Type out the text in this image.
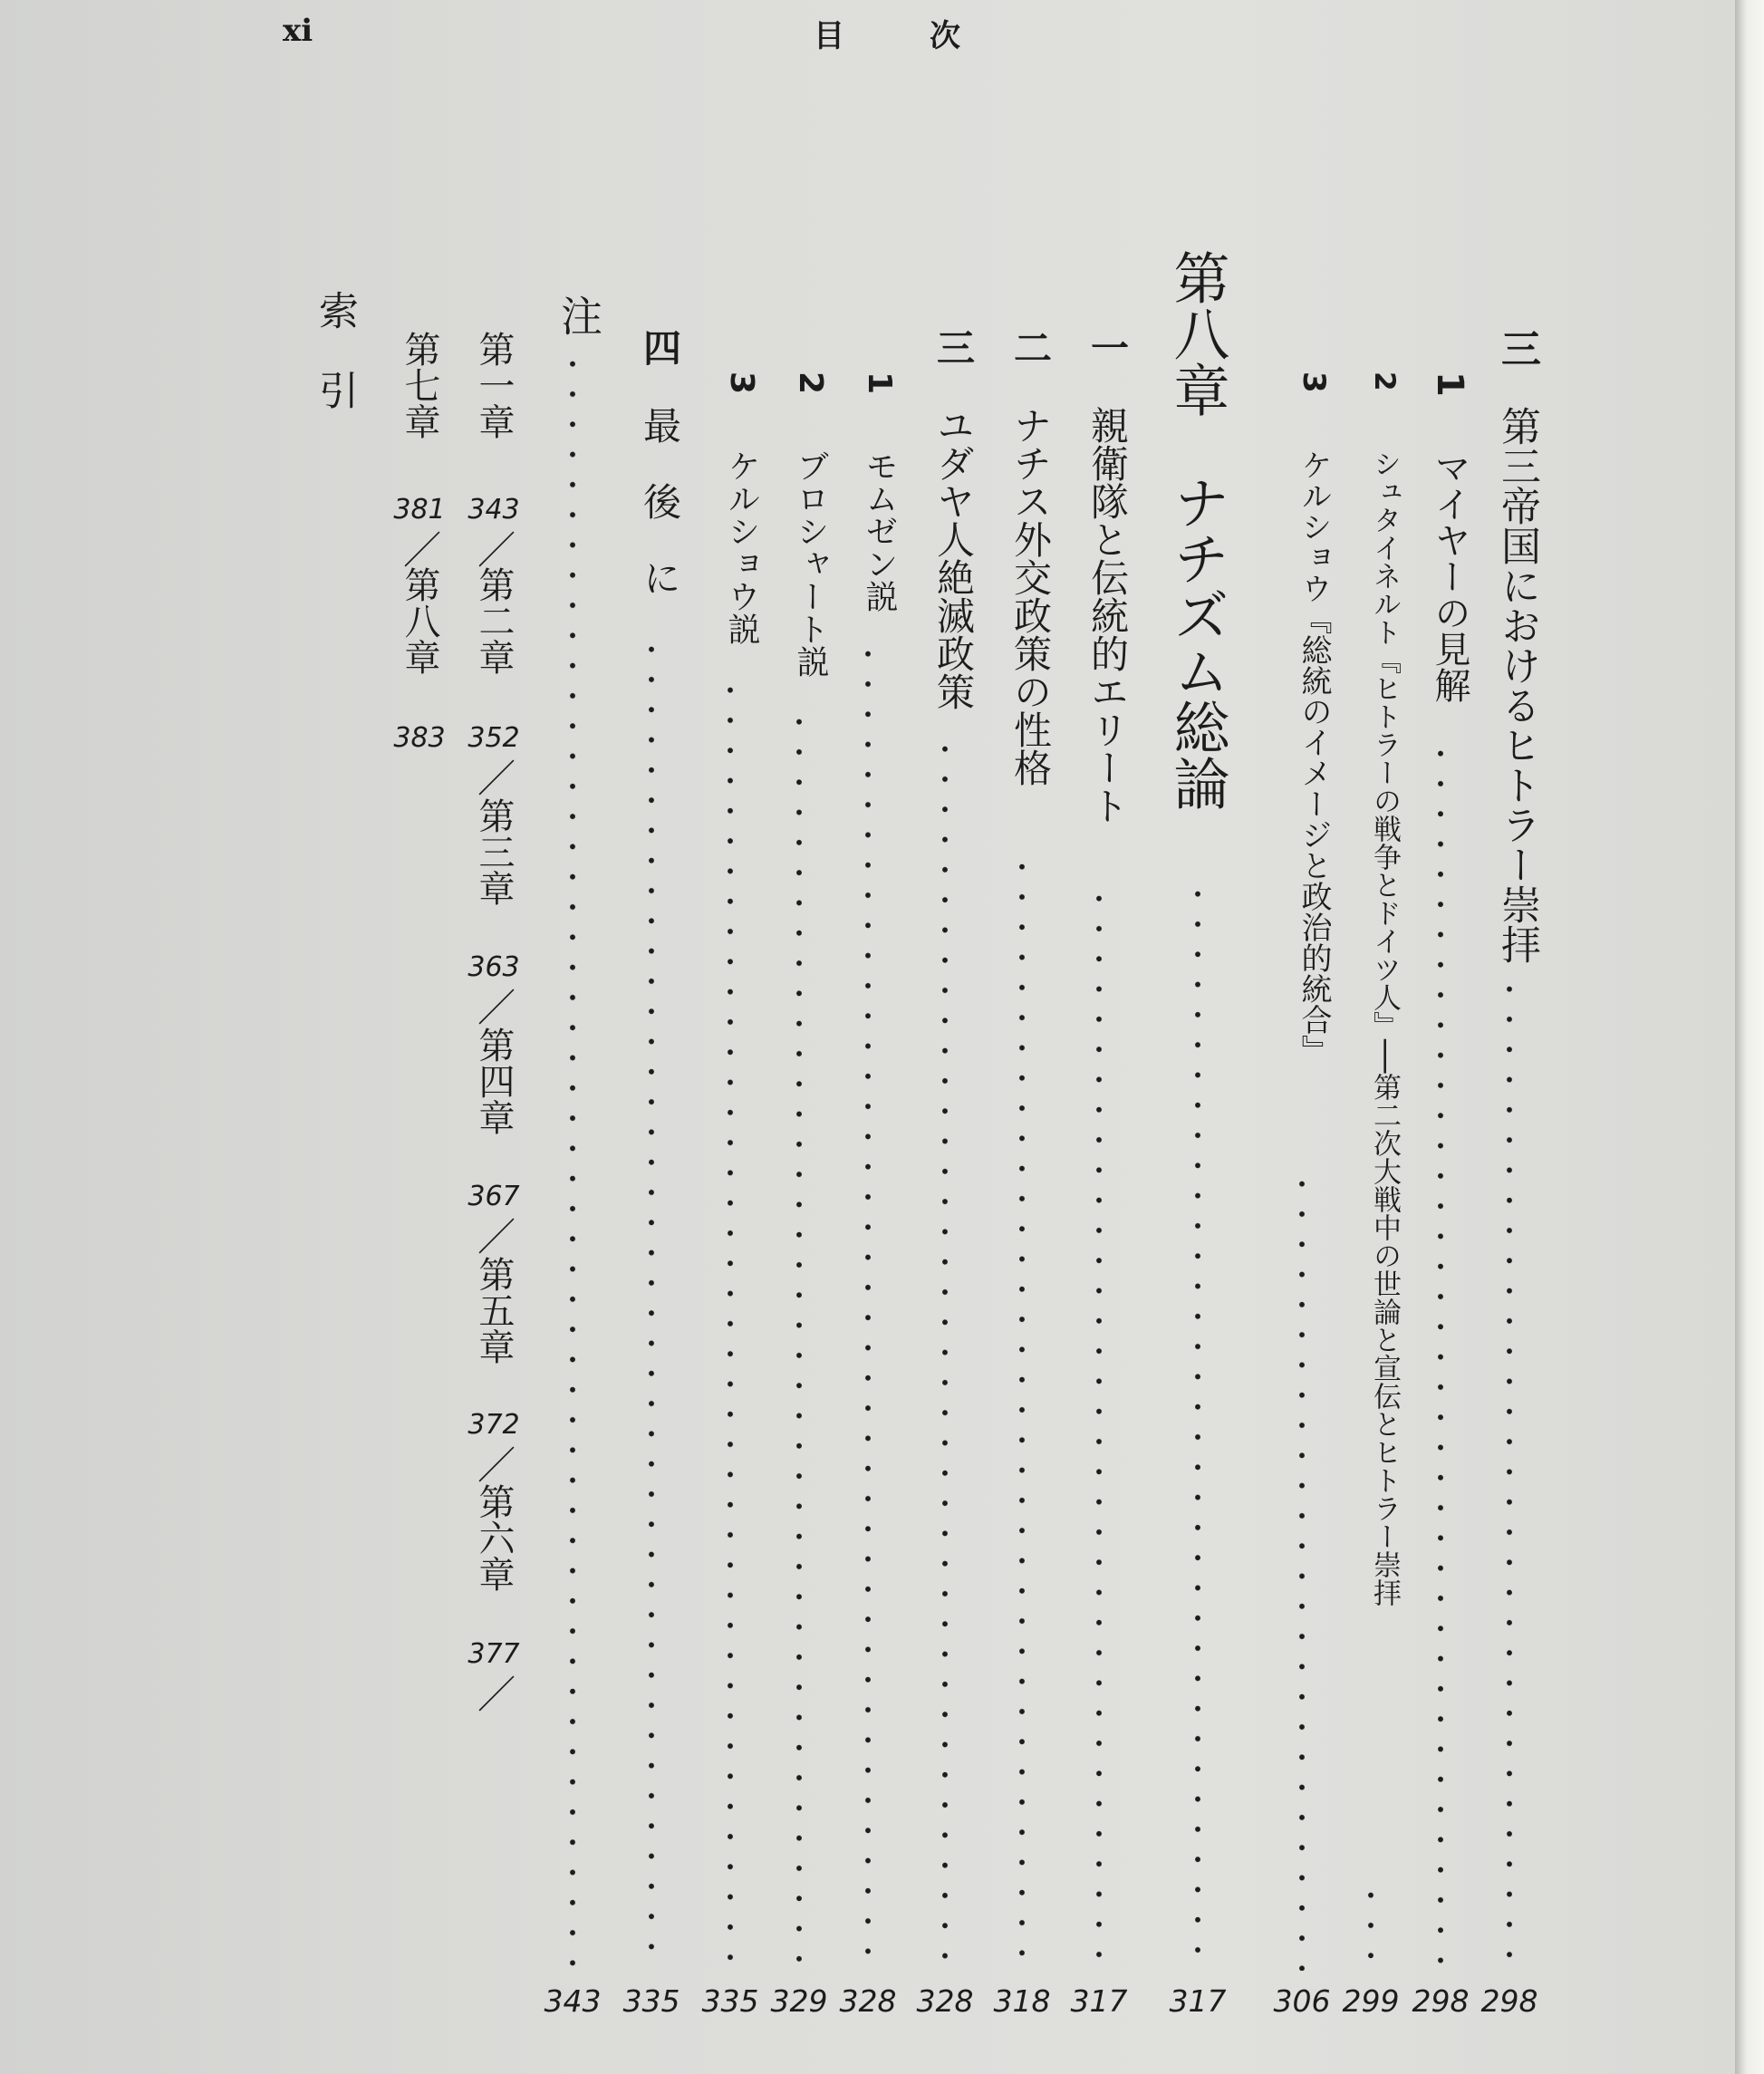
xi	目次
三
第三帝国におけるヒトラー崇拝
298
1
マイヤーの見解
298
2
シュタイネルト『ヒトラーの戦争とドイツ人』──第二次大戦中の世論と宣伝とヒトラー崇拝
299
3
ケルショウ『総統のイメージと政治的統合』
306
第八章　ナチズム総論
317
一
親衛隊と伝統的エリート
317
二
ナチス外交政策の性格
318
三
ユダヤ人絶滅政策
328
1
モムゼン説
328
2
ブロシャート説
329
3
ケルショウ説
335
四
最　後　に
335
注
343
索　引	第一章
343
／
第二章
352
／
第三章
363
／
第四章
367
／
第五章
372
／
第六章
377
／
第七章
381
／
第八章
383
